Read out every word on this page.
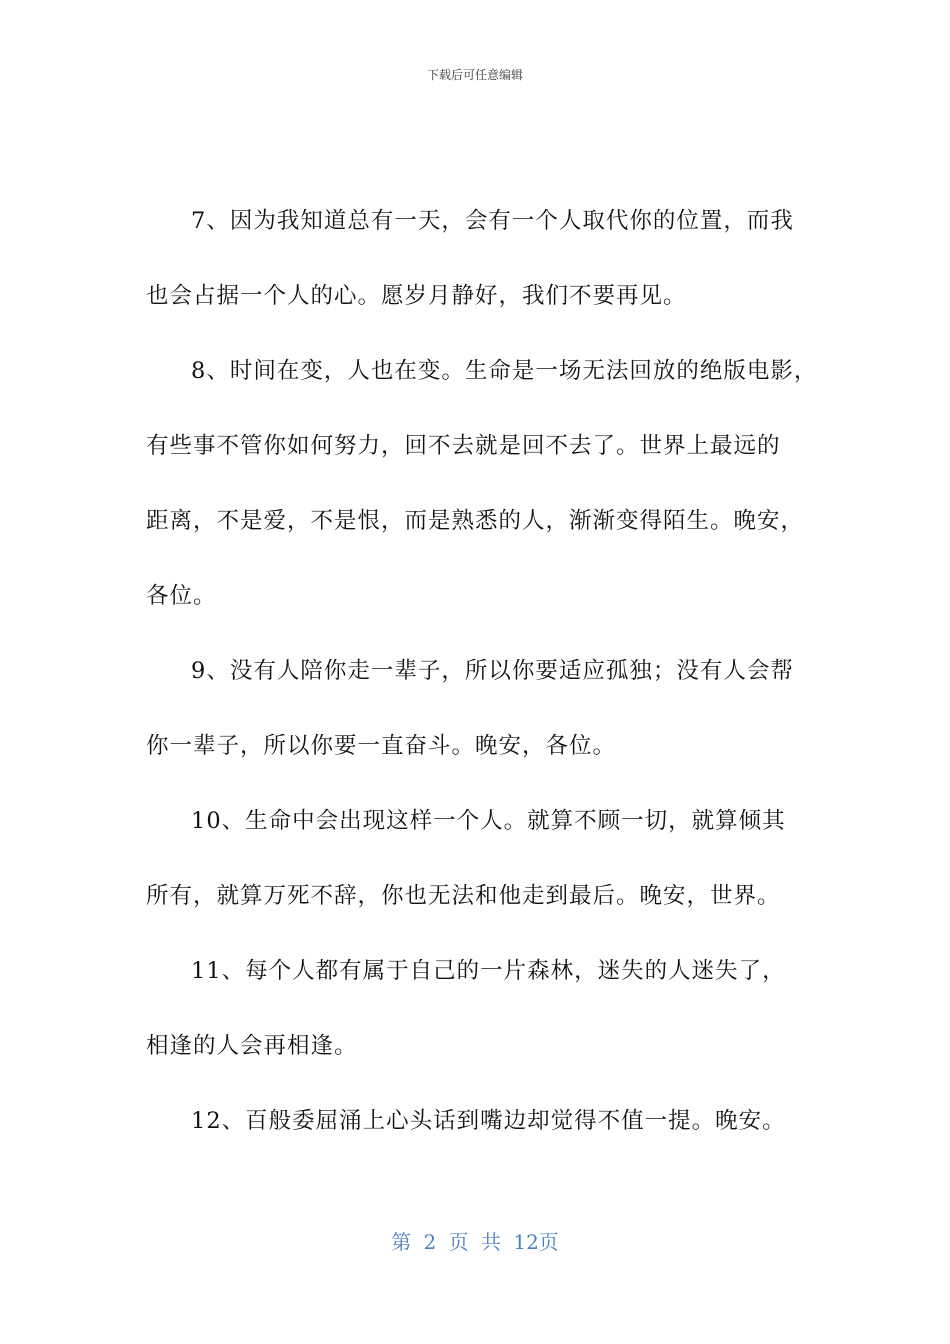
下载后可任意编辑
7、因为我知道总有一天，会有一个人取代你的位置，而我
也会占据一个人的心。愿岁月静好，我们不要再见。
8、时间在变，人也在变。生命是一场无法回放的绝版电影，
有些事不管你如何努力，回不去就是回不去了。世界上最远的
距离，不是爱，不是恨，而是熟悉的人，渐渐变得陌生。晚安，
各位。
9、没有人陪你走一辈子，所以你要适应孤独；没有人会帮
你一辈子，所以你要一直奋斗。晚安，各位。
10、生命中会出现这样一个人。就算不顾一切，就算倾其
所有，就算万死不辞，你也无法和他走到最后。晚安，世界。
11、每个人都有属于自己的一片森林，迷失的人迷失了，
相逢的人会再相逢。
12、百般委屈涌上心头话到嘴边却觉得不值一提。晚安。
第 2 页 共 12页
